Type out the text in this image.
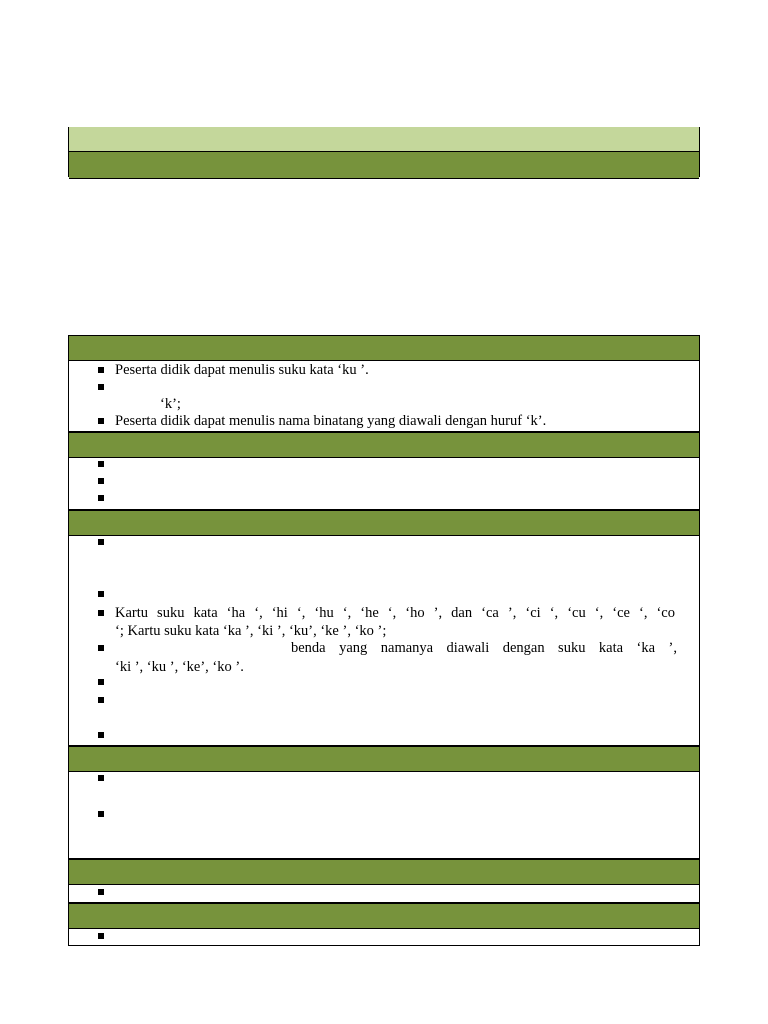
Peserta didik dapat menulis suku kata ‘ku ’.
‘k’;
Peserta didik dapat menulis nama binatang yang diawali dengan huruf ‘k’.
Kartu suku kata ‘ha ‘, ‘hi ‘, ‘hu ‘, ‘he ‘, ‘ho ’, dan ‘ca ’, ‘ci ‘, ‘cu ‘, ‘ce ‘, ‘co
‘; Kartu suku kata ‘ka ’, ‘ki ’, ‘ku’, ‘ke ’, ‘ko ’;
benda yang namanya diawali dengan suku kata ‘ka ’,
‘ki ’, ‘ku ’, ‘ke’, ‘ko ’.
